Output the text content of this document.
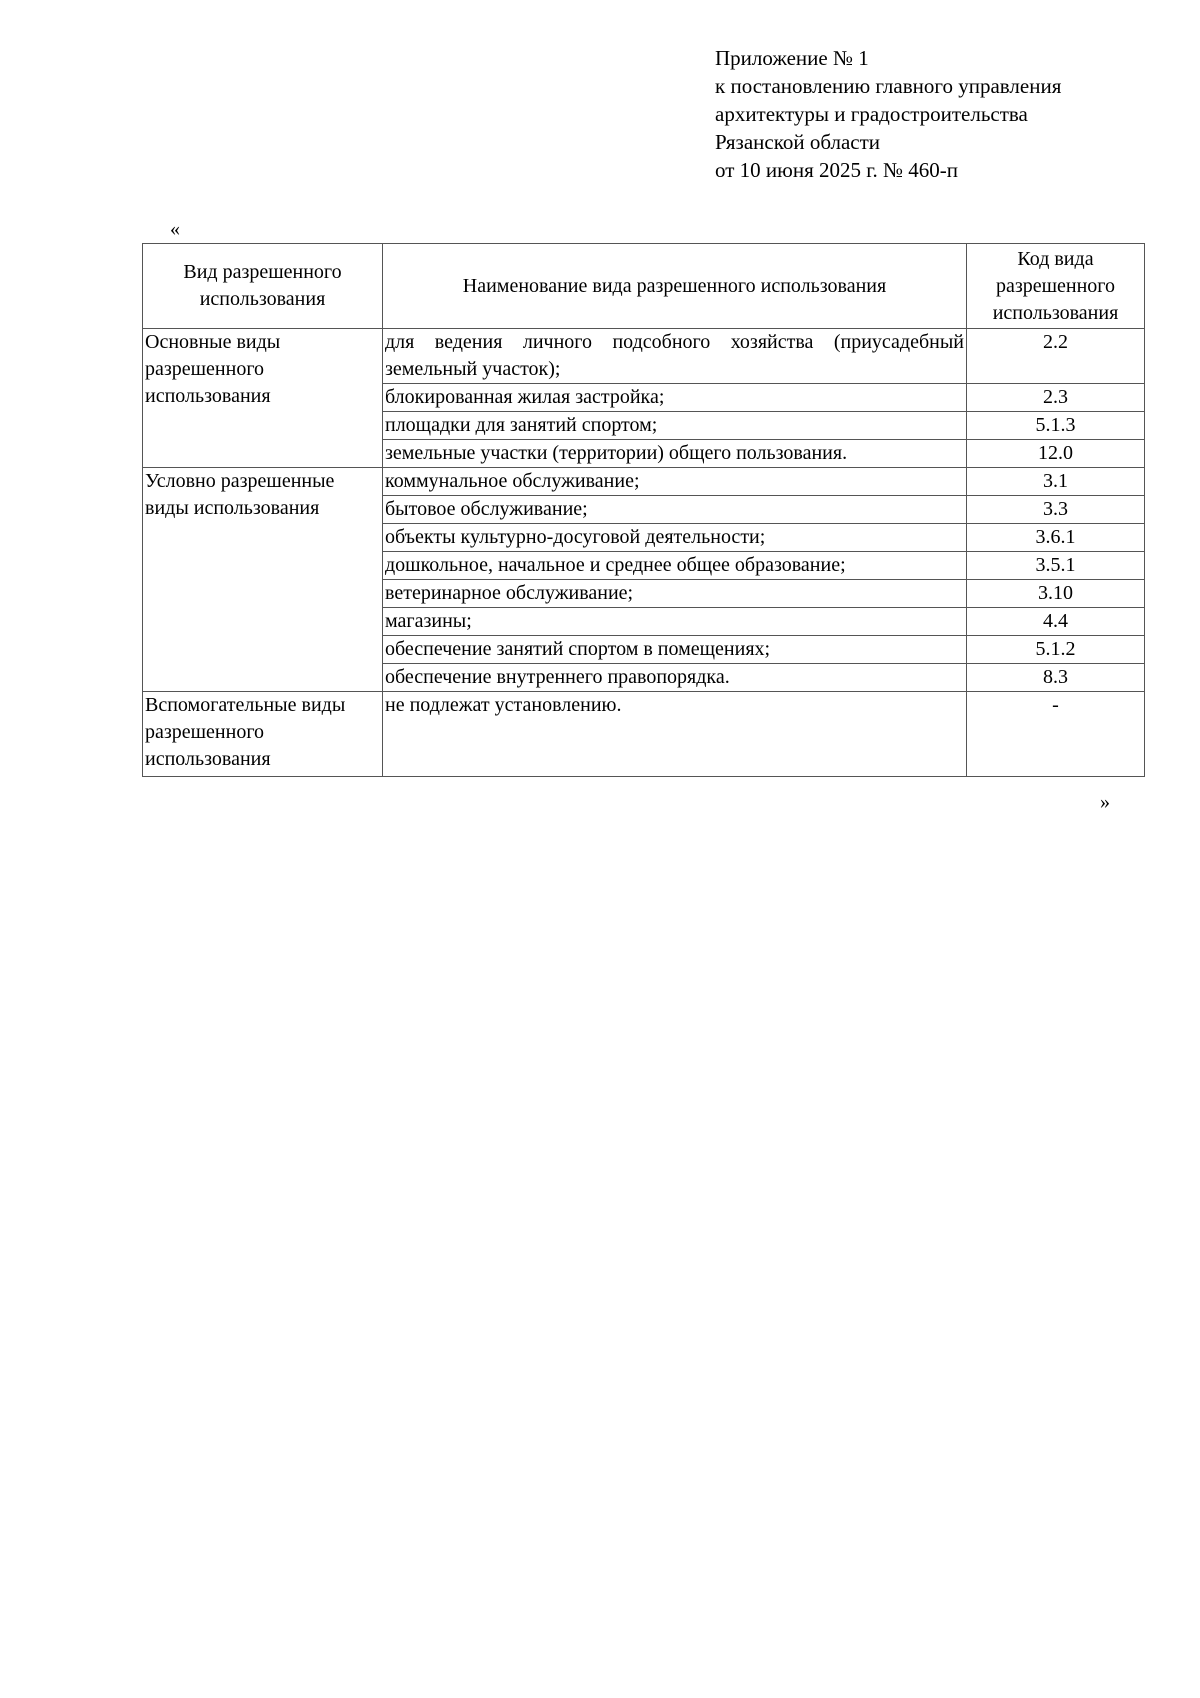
Приложение № 1
к постановлению главного управления
архитектуры и градостроительства
Рязанской области
от 10 июня 2025 г. № 460-п
«
Вид разрешенного использования	Наименование вида разрешенного использования	Код вида разрешенного использования
Основные виды разрешенного использования	для ведения личного подсобного хозяйства (приусадебный земельный участок);	2.2
	блокированная жилая застройка;	2.3
	площадки для занятий спортом;	5.1.3
	земельные участки (территории) общего пользования.	12.0
Условно разрешенные виды использования	коммунальное обслуживание;	3.1
	бытовое обслуживание;	3.3
	объекты культурно-досуговой деятельности;	3.6.1
	дошкольное, начальное и среднее общее образование;	3.5.1
	ветеринарное обслуживание;	3.10
	магазины;	4.4
	обеспечение занятий спортом в помещениях;	5.1.2
	обеспечение внутреннего правопорядка.	8.3
Вспомогательные виды разрешенного использования	не подлежат установлению.	-
»
